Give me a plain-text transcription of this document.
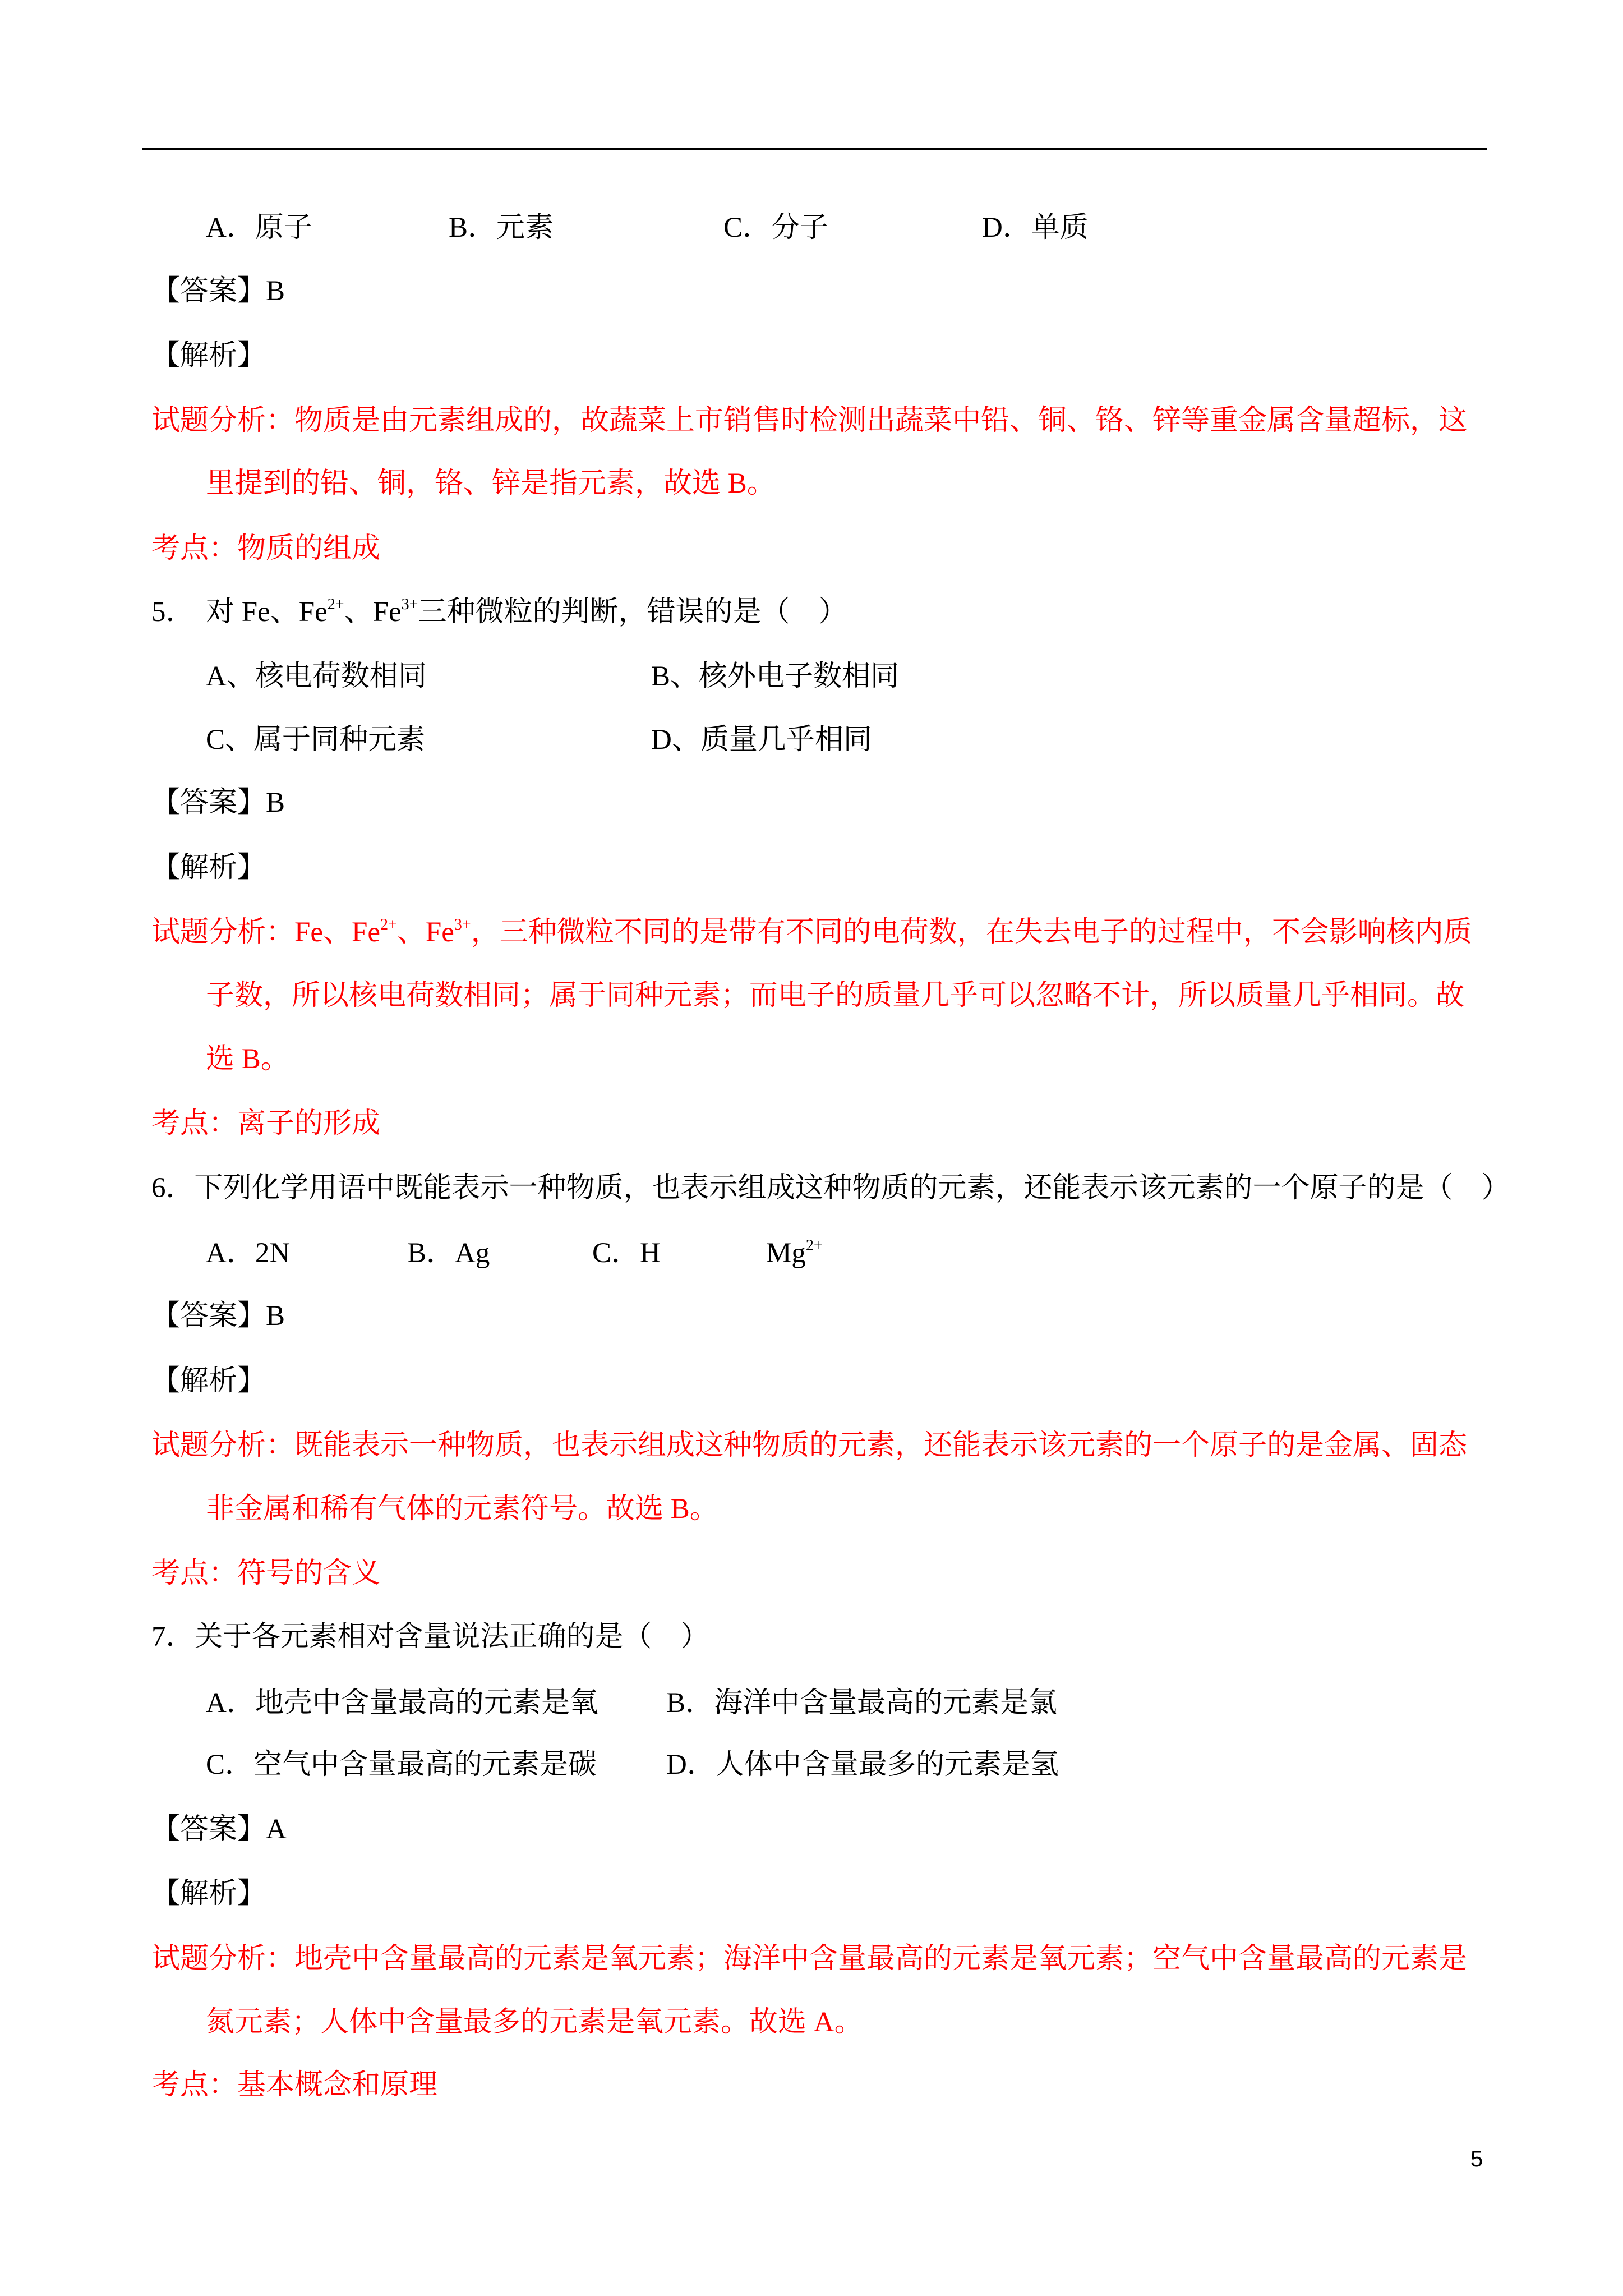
A．原子	B．元素	C．分子	D．单质
【答案】B
【解析】
试题分析：物质是由元素组成的，故蔬菜上市销售时检测出蔬菜中铅、铜、铬、锌等重金属含量超标，这
里提到的铅、铜，铬、锌是指元素，故选 B。
考点：物质的组成
5． 对 Fe、$Fe^{2+}$、$Fe^{3+}$三种微粒的判断，错误的是（    ）
A、核电荷数相同	B、核外电子数相同
C、属于同种元素	D、质量几乎相同
【答案】B
【解析】
试题分析：Fe、$Fe^{2+}$、$Fe^{3+}$，三种微粒不同的是带有不同的电荷数，在失去电子的过程中，不会影响核内质
子数，所以核电荷数相同；属于同种元素；而电子的质量几乎可以忽略不计，所以质量几乎相同。故
选 B。
考点：离子的形成
6．下列化学用语中既能表示一种物质，也表示组成这种物质的元素，还能表示该元素的一个原子的是（    ）
A．2N	B．Ag	C．H	$Mg^{2+}$
【答案】B
【解析】
试题分析：既能表示一种物质，也表示组成这种物质的元素，还能表示该元素的一个原子的是金属、固态
非金属和稀有气体的元素符号。故选 B。
考点：符号的含义
7．关于各元素相对含量说法正确的是（    ）
A．地壳中含量最高的元素是氧 B．海洋中含量最高的元素是氯
C．空气中含量最高的元素是碳 D．人体中含量最多的元素是氢
【答案】A
【解析】
试题分析：地壳中含量最高的元素是氧元素；海洋中含量最高的元素是氧元素；空气中含量最高的元素是
氮元素；人体中含量最多的元素是氧元素。故选 A。
考点：基本概念和原理
5
